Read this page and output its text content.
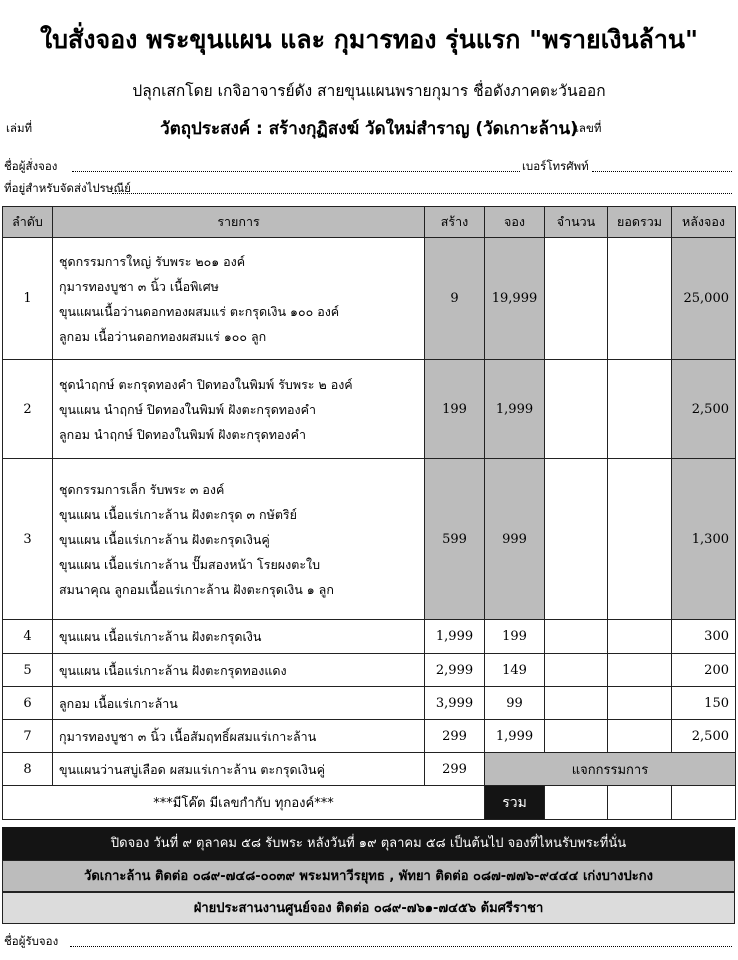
ใบสั่งจอง พระขุนแผน และ กุมารทอง รุ่นแรก "พรายเงินล้าน"
ปลุกเสกโดย เกจิอาจารย์ดัง สายขุนแผนพรายกุมาร ชื่อดังภาคตะวันออก
เล่มที่	วัตถุประสงค์ : สร้างกุฏิสงฆ์ วัดใหม่สำราญ (วัดเกาะล้าน)
เลขที่
ชื่อผู้สั่งจอง	เบอร์โทรศัพท์
ที่อยู่สำหรับจัดส่งไปรษณีย์
ลำดับ	รายการ	สร้าง	จอง	จำนวน	ยอดรวม	หลังจอง
1	ชุดกรรมการใหญ่ รับพระ ๒๐๑ องค์
กุมารทองบูชา ๓ นิ้ว เนื้อพิเศษ
ขุนแผนเนื้อว่านดอกทองผสมแร่ ตะกรุดเงิน ๑๐๐ องค์
ลูกอม เนื้อว่านดอกทองผสมแร่ ๑๐๐ ลูก	9	19,999			25,000
2	ชุดนำฤกษ์ ตะกรุดทองคำ ปิดทองในพิมพ์ รับพระ ๒ องค์
ขุนแผน นำฤกษ์ ปิดทองในพิมพ์ ฝังตะกรุดทองคำ
ลูกอม นำฤกษ์ ปิดทองในพิมพ์ ฝังตะกรุดทองคำ	199	1,999			2,500
3	ชุดกรรมการเล็ก รับพระ ๓ องค์
ขุนแผน เนื้อแร่เกาะล้าน ฝังตะกรุด ๓ กษัตริย์
ขุนแผน เนื้อแร่เกาะล้าน ฝังตะกรุดเงินคู่
ขุนแผน เนื้อแร่เกาะล้าน ปั๊มสองหน้า โรยผงตะใบ
สมนาคุณ ลูกอมเนื้อแร่เกาะล้าน ฝังตะกรุดเงิน ๑ ลูก	599	999			1,300
4	ขุนแผน เนื้อแร่เกาะล้าน ฝังตะกรุดเงิน	1,999	199			300
5	ขุนแผน เนื้อแร่เกาะล้าน ฝังตะกรุดทองแดง	2,999	149			200
6	ลูกอม เนื้อแร่เกาะล้าน	3,999	99			150
7	กุมารทองบูชา ๓ นิ้ว เนื้อสัมฤทธิ์ผสมแร่เกาะล้าน	299	1,999			2,500
8	ขุนแผนว่านสบู่เลือด ผสมแร่เกาะล้าน ตะกรุดเงินคู่	299	แจกกรรมการ			
***มีโค๊ต มีเลขกำกับ ทุกองค์***			รวม			
ปิดจอง วันที่ ๙ ตุลาคม ๕๘ รับพระ หลังวันที่ ๑๙ ตุลาคม ๕๘ เป็นต้นไป จองที่ไหนรับพระที่นั่น
วัดเกาะล้าน ติดต่อ ๐๘๙-๗๔๘-๐๐๓๙ พระมหาวีรยุทธ , พัทยา ติดต่อ ๐๘๗-๗๗๖-๙๔๔๔ เก่งบางปะกง
ฝ่ายประสานงานศูนย์จอง ติดต่อ ๐๘๙-๗๖๑-๗๔๕๖ ต้มศรีราชา
ชื่อผู้รับจอง
